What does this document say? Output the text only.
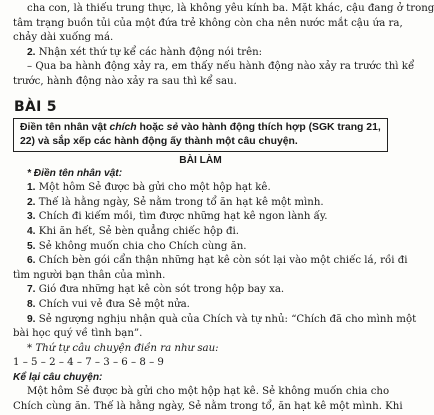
cha con, là thiếu trung thực, là không yêu kính ba. Mặt khác, cậu đang ở trong

tâm trạng buồn tủi của một đứa trẻ không còn cha nên nước mắt cậu ứa ra,

chảy dài xuống má.

2. Nhận xét thứ tự kể các hành động nói trên:

– Qua ba hành động xảy ra, em thấy nếu hành động nào xảy ra trước thì kể

trước, hành động nào xảy ra sau thì kể sau.

BÀI 5
Điền tên nhân vật chích hoặc sẻ vào hành động thích hợp (SGK trang 21, 22) và sắp xếp các hành động ấy thành một câu chuyện.
BÀI LÀM

* Điền tên nhân vật:

1. Một hôm Sẻ được bà gửi cho một hộp hạt kê.

2. Thế là hằng ngày, Sẻ nằm trong tổ ăn hạt kê một mình.

3. Chích đi kiếm mồi, tìm được những hạt kê ngon lành ấy.

4. Khi ăn hết, Sẻ bèn quẳng chiếc hộp đi.

5. Sẻ không muốn chia cho Chích cùng ăn.

6. Chích bèn gói cẩn thận những hạt kê còn sót lại vào một chiếc lá, rồi đi

tìm người bạn thân của mình.

7. Gió đưa những hạt kê còn sót trong hộp bay xa.

8. Chích vui vẻ đưa Sẻ một nửa.

9. Sẻ ngượng nghịu nhận quà của Chích và tự nhủ: “Chích đã cho mình một

bài học quý về tình bạn”.

* Thứ tự câu chuyện điền ra như sau:

1 – 5 – 2 – 4 – 7 – 3 – 6 – 8 – 9

Kể lại câu chuyện:

Một hôm Sẻ được bà gửi cho một hộp hạt kê. Sẻ không muốn chia cho

Chích cùng ăn. Thế là hằng ngày, Sẻ nằm trong tổ, ăn hạt kê một mình. Khi
